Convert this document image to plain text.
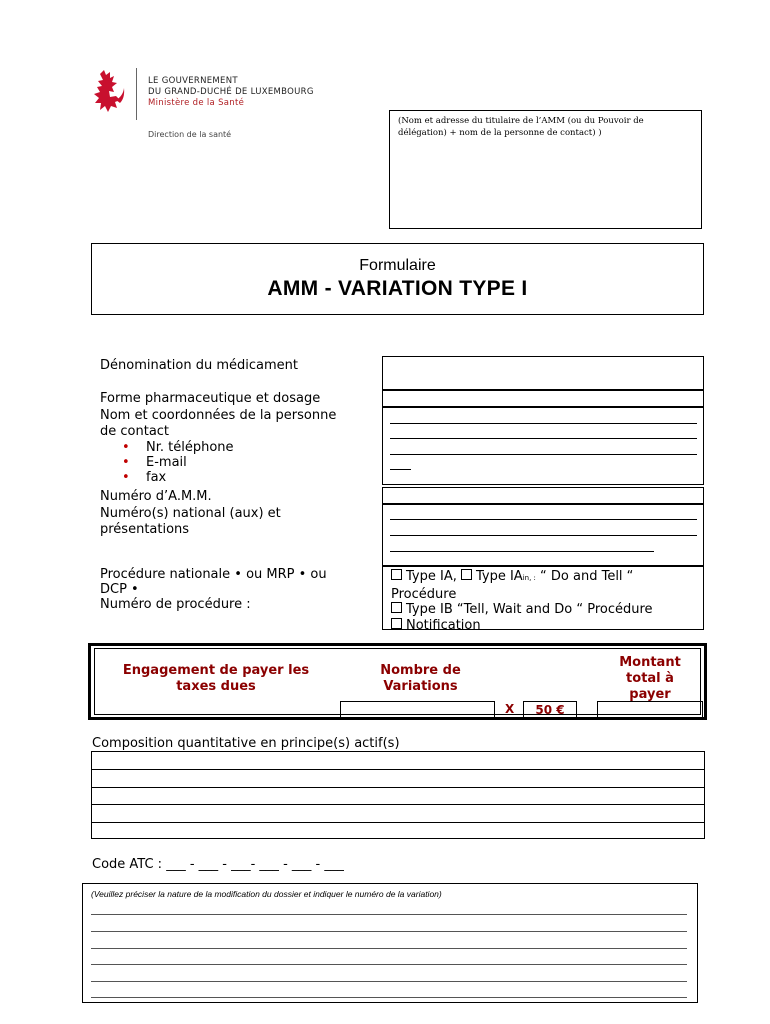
LE GOUVERNEMENT
DU GRAND-DUCHÉ DE LUXEMBOURG
Ministère de la Santé
Direction de la santé
(Nom et adresse du titulaire de l’AMM (ou du Pouvoir de délégation) + nom de la personne de contact) )
Formulaire
AMM - VARIATION TYPE I
Dénomination du médicament
Forme pharmaceutique et dosage
Nom et coordonnées de la personne
de contact
• Nr. téléphone
• E-mail
• fax
Numéro d’A.M.M.
Numéro(s) national (aux) et
présentations
Procédure nationale • ou MRP • ou
DCP •
Numéro de procédure :
Type IA, Type IAin, : “ Do and Tell “
Procédure
Type IB “Tell, Wait and Do “ Procédure
Notification
Engagement de payer les
taxes dues
Nombre de
Variations
Montant
total à
payer
X	50 €
Composition quantitative en principe(s) actif(s)
Code ATC : ___ - ___ - ___- ___ - ___ - ___
(Veuillez préciser la nature de la modification du dossier et indiquer le numéro de la variation)
